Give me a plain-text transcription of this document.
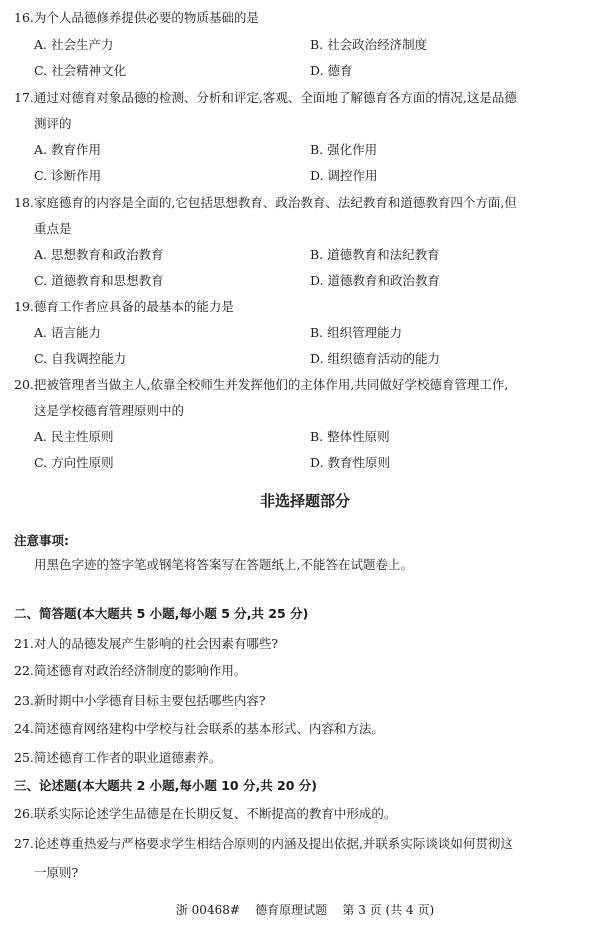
16.为个人品德修养提供必要的物质基础的是
A. 社会生产力	B. 社会政治经济制度
C. 社会精神文化	D. 德育
17.通过对德育对象品德的检测、分析和评定,客观、全面地了解德育各方面的情况,这是品德
测评的
A. 教育作用	B. 强化作用
C. 诊断作用	D. 调控作用
18.家庭德育的内容是全面的,它包括思想教育、政治教育、法纪教育和道德教育四个方面,但
重点是
A. 思想教育和政治教育	B. 道德教育和法纪教育
C. 道德教育和思想教育	D. 道德教育和政治教育
19.德育工作者应具备的最基本的能力是
A. 语言能力	B. 组织管理能力
C. 自我调控能力	D. 组织德育活动的能力
20.把被管理者当做主人,依靠全校师生并发挥他们的主体作用,共同做好学校德育管理工作,
这是学校德育管理原则中的
A. 民主性原则	B. 整体性原则
C. 方向性原则	D. 教育性原则
非选择题部分
注意事项:
用黑色字迹的签字笔或钢笔将答案写在答题纸上,不能答在试题卷上。
二、简答题(本大题共 5 小题,每小题 5 分,共 25 分)
21.对人的品德发展产生影响的社会因素有哪些?
22.简述德育对政治经济制度的影响作用。
23.新时期中小学德育目标主要包括哪些内容?
24.简述德育网络建构中学校与社会联系的基本形式、内容和方法。
25.简述德育工作者的职业道德素养。
三、论述题(本大题共 2 小题,每小题 10 分,共 20 分)
26.联系实际论述学生品德是在长期反复、不断提高的教育中形成的。
27.论述尊重热爱与严格要求学生相结合原则的内涵及提出依据,并联系实际谈谈如何贯彻这
一原则?
浙 00468#    德育原理试题    第 3 页 (共 4 页)
